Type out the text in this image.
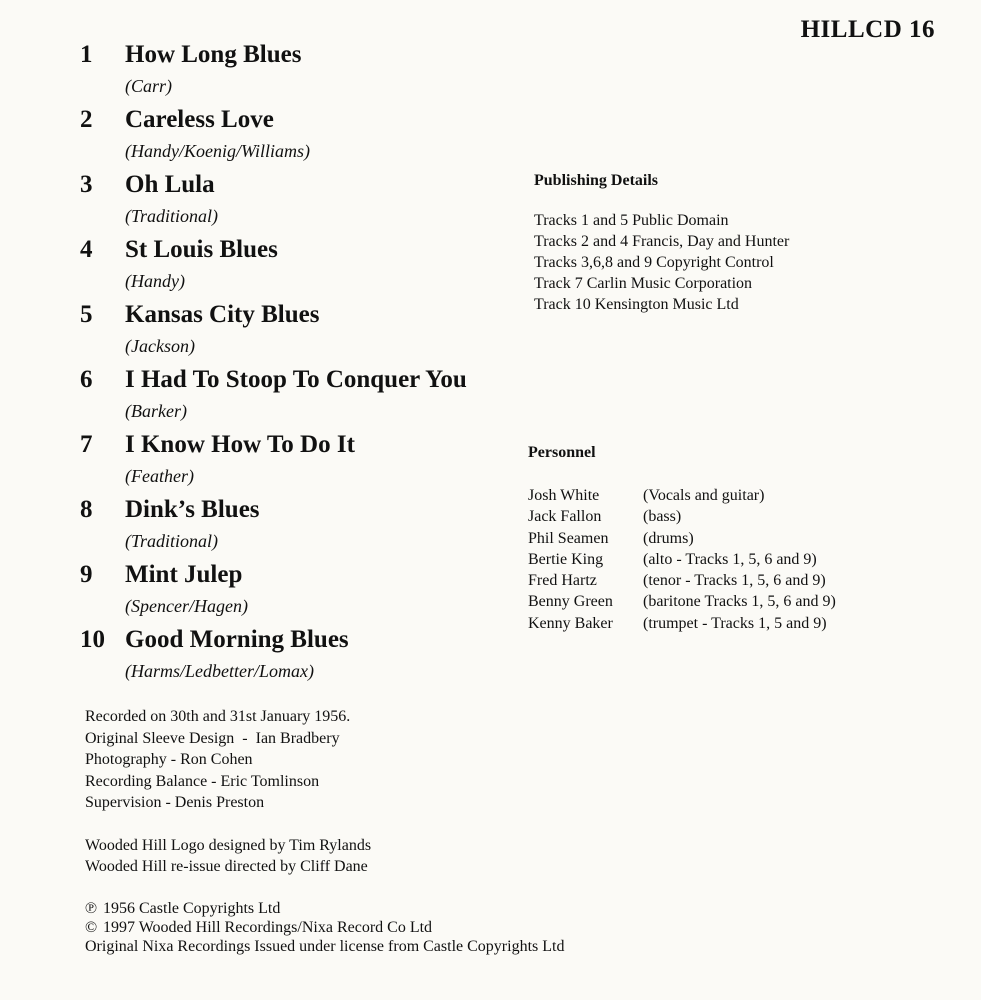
HILLCD 16
1 How Long Blues
(Carr)
2 Careless Love
(Handy/Koenig/Williams)
3 Oh Lula
(Traditional)
4 St Louis Blues
(Handy)
5 Kansas City Blues
(Jackson)
6 I Had To Stoop To Conquer You
(Barker)
7 I Know How To Do It
(Feather)
8 Dink’s Blues
(Traditional)
9 Mint Julep
(Spencer/Hagen)
10 Good Morning Blues
(Harms/Ledbetter/Lomax)
Publishing Details
Tracks 1 and 5 Public Domain
Tracks 2 and 4 Francis, Day and Hunter
Tracks 3,6,8 and 9 Copyright Control
Track 7 Carlin Music Corporation
Track 10 Kensington Music Ltd
Personnel
Josh White	(Vocals and guitar)
Jack Fallon	(bass)
Phil Seamen (drums)
Bertie King (alto - Tracks 1, 5, 6 and 9)
Fred Hartz	(tenor - Tracks 1, 5, 6 and 9)
Benny Green (baritone Tracks 1, 5, 6 and 9)
Kenny Baker (trumpet - Tracks 1, 5 and 9)
Recorded on 30th and 31st January 1956.
Original Sleeve Design  -  Ian Bradbery
Photography - Ron Cohen
Recording Balance - Eric Tomlinson
Supervision - Denis Preston
Wooded Hill Logo designed by Tim Rylands
Wooded Hill re-issue directed by Cliff Dane
℗ 1956 Castle Copyrights Ltd
© 1997 Wooded Hill Recordings/Nixa Record Co Ltd
Original Nixa Recordings Issued under license from Castle Copyrights Ltd
